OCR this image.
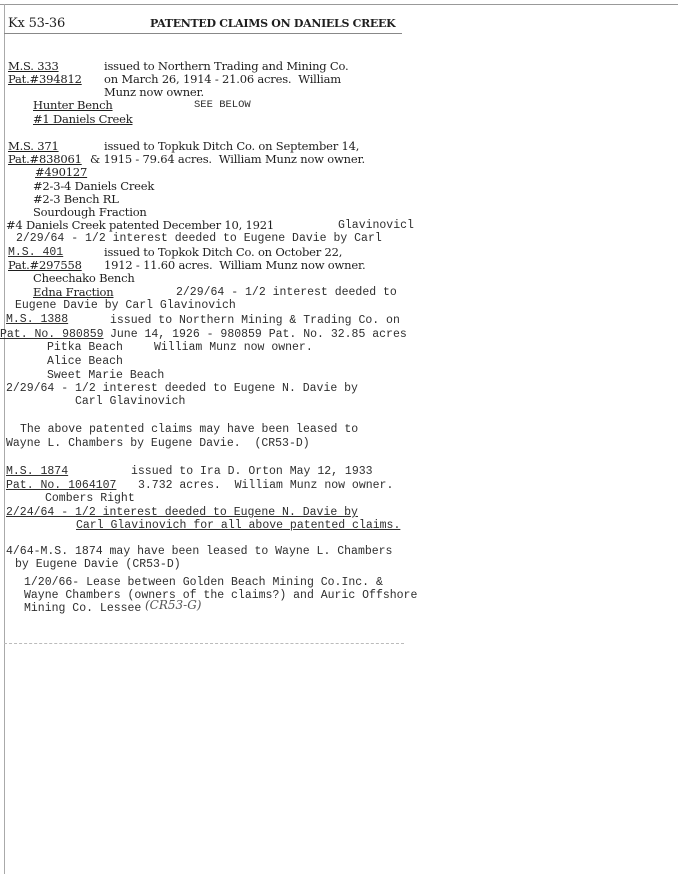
Kx 53-36	PATENTED CLAIMS ON DANIELS CREEK
M.S. 333	issued to Northern Trading and Mining Co.
Pat.#394812 on March 26, 1914 - 21.06 acres.  William
Munz now owner.
Hunter Bench	SEE BELOW
#1 Daniels Creek
M.S. 371	issued to Topkuk Ditch Co. on September 14,
Pat.#838061 & 1915 - 79.64 acres.  William Munz now owner.
#490127
#2-3-4 Daniels Creek
#2-3 Bench RL
Sourdough Fraction
#4 Daniels Creek patented December 10, 1921	Glavinovicl
2/29/64 - 1/2 interest deeded to Eugene Davie by Carl
M.S. 401	issued to Topkok Ditch Co. on October 22,
Pat.#297558 1912 - 11.60 acres.  William Munz now owner.
Cheechako Bench
Edna Fraction	2/29/64 - 1/2 interest deeded to
Eugene Davie by Carl Glavinovich
M.S. 1388	issued to Northern Mining & Trading Co. on
Pat. No. 980859 June 14, 1926 - 980859 Pat. No. 32.85 acres
Pitka Beach	William Munz now owner.
Alice Beach
Sweet Marie Beach
2/29/64 - 1/2 interest deeded to Eugene N. Davie by
Carl Glavinovich
The above patented claims may have been leased to
Wayne L. Chambers by Eugene Davie.  (CR53-D)
M.S. 1874	issued to Ira D. Orton May 12, 1933
Pat. No. 1064107 3.732 acres.  William Munz now owner.
Combers Right
2/24/64 - 1/2 interest deeded to Eugene N. Davie by
Carl Glavinovich for all above patented claims.
4/64-M.S. 1874 may have been leased to Wayne L. Chambers
by Eugene Davie (CR53-D)
1/20/66- Lease between Golden Beach Mining Co.Inc. &
Wayne Chambers (owners of the claims?) and Auric Offshore
Mining Co. Lessee (CR53-G)
